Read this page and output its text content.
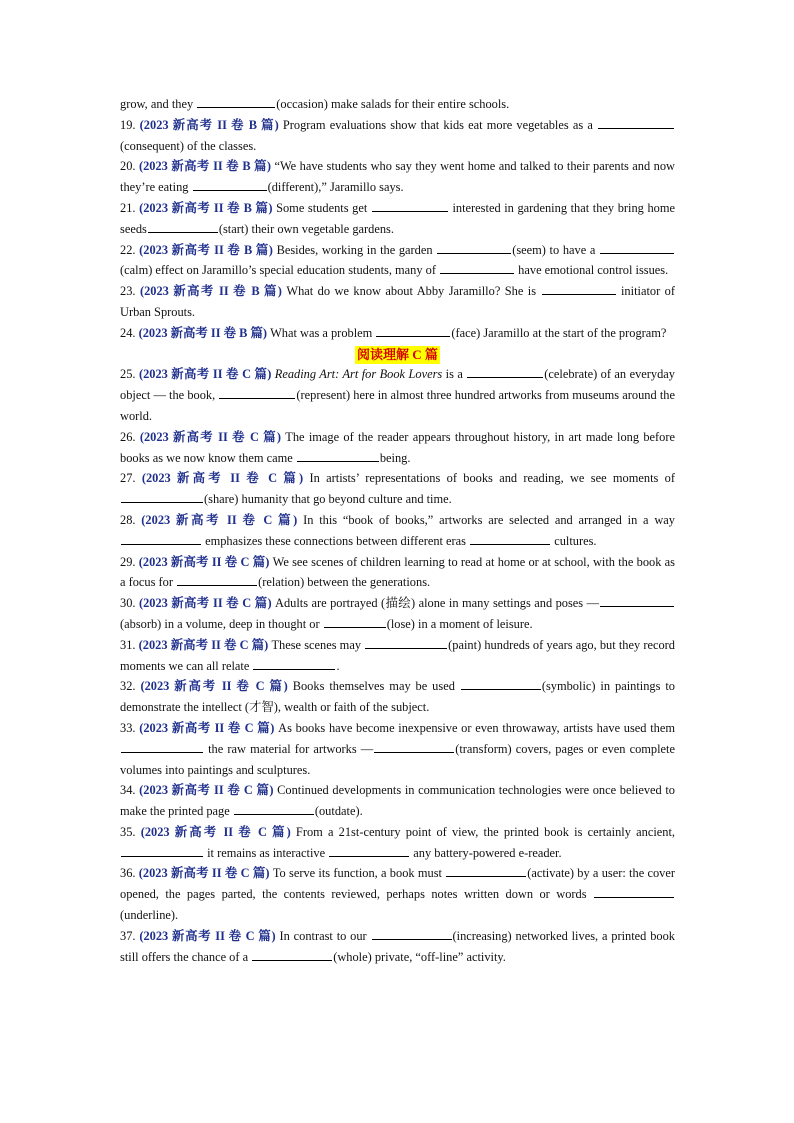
grow, and they	(occasion) make salads for their entire schools.

19. (2023 新高考 II 卷 B 篇) Program evaluations show that kids eat more vegetables as a (consequent) of the classes.

20. (2023 新高考 II 卷 B 篇) “We have students who say they went home and talked to their parents and now they’re eating	(different),” Jaramillo says.

21. (2023 新高考 II 卷 B 篇) Some students get	interested in gardening that they bring home seeds	(start) their own vegetable gardens.

22. (2023 新高考 II 卷 B 篇) Besides, working in the garden	(seem) to have a (calm) effect on Jaramillo’s special education students, many of	have emotional control issues.

23. (2023 新高考 II 卷 B 篇) What do we know about Abby Jaramillo? She is	initiator of Urban Sprouts.

24. (2023 新高考 II 卷 B 篇) What was a problem	(face) Jaramillo at the start of the program?

阅读理解 C 篇

25. (2023 新高考 II 卷 C 篇) Reading Art: Art for Book Lovers is a	(celebrate) of an everyday object — the book,	(represent) here in almost three hundred artworks from museums around the world.

26. (2023 新高考 II 卷 C 篇) The image of the reader appears throughout history, in art made long before books as we now know them came	being.

27. (2023 新高考 II 卷 C 篇) In artists’ representations of books and reading, we see moments of (share) humanity that go beyond culture and time.

28. (2023 新高考 II 卷 C 篇) In this “book of books,” artworks are selected and arranged in a way  emphasizes these connections between different eras	cultures.

29. (2023 新高考 II 卷 C 篇) We see scenes of children learning to read at home or at school, with the book as a focus for	(relation) between the generations.

30. (2023 新高考 II 卷 C 篇) Adults are portrayed (描绘) alone in many settings and poses —(absorb) in a volume, deep in thought or	(lose) in a moment of leisure.

31. (2023 新高考 II 卷 C 篇) These scenes may	(paint) hundreds of years ago, but they record moments we can all relate	.

32. (2023 新高考 II 卷 C 篇) Books themselves may be used	(symbolic) in paintings to demonstrate the intellect (才智), wealth or faith of the subject.

33. (2023 新高考 II 卷 C 篇) As books have become inexpensive or even throwaway, artists have used them  the raw material for artworks —	(transform) covers, pages or even complete volumes into paintings and sculptures.

34. (2023 新高考 II 卷 C 篇) Continued developments in communication technologies were once believed to make the printed page	(outdate).

35. (2023 新高考 II 卷 C 篇) From a 21st-century point of view, the printed book is certainly ancient,  it remains as interactive	any battery-powered e-reader.

36. (2023 新高考 II 卷 C 篇) To serve its function, a book must	(activate) by a user: the cover opened, the pages parted, the contents reviewed, perhaps notes written down or words (underline).

37. (2023 新高考 II 卷 C 篇) In contrast to our	(increasing) networked lives, a printed book still offers the chance of a	(whole) private, “off-line” activity.
